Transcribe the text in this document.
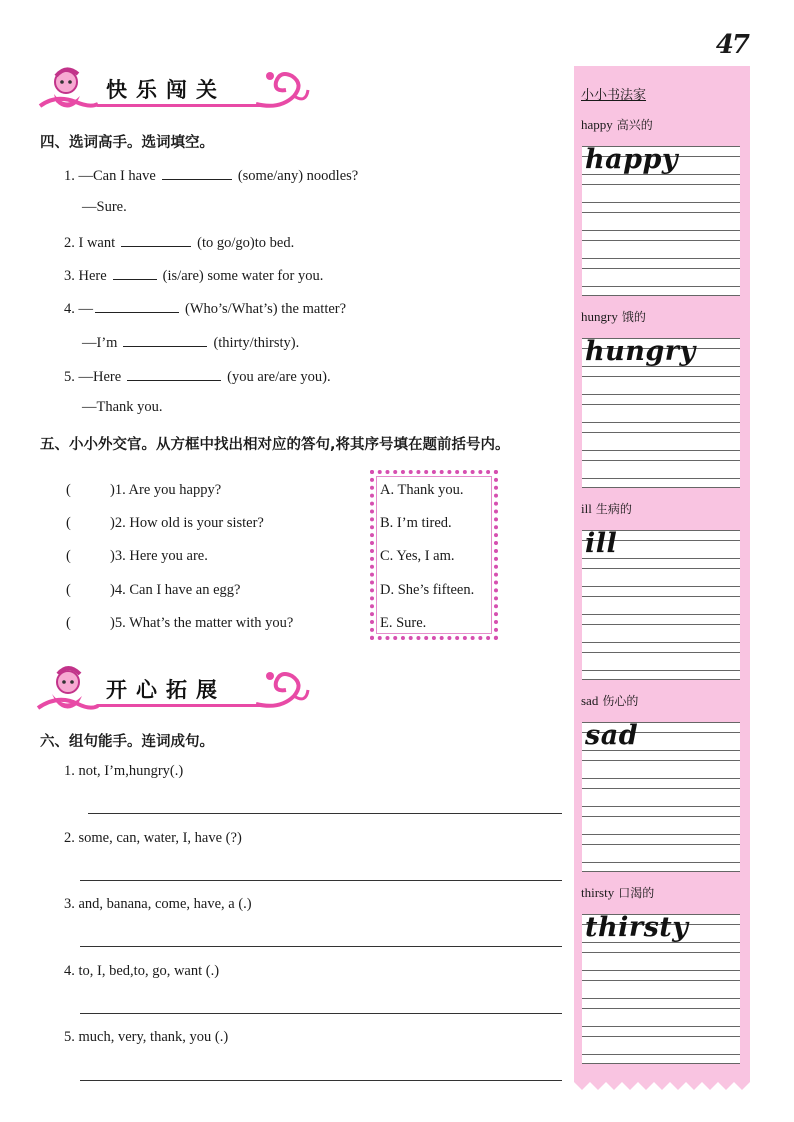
47
快乐闯关
四、选词高手。选词填空。
1. —Can I have	(some/any) noodles?
—Sure.
2. I want	(to go/go)to bed.
3. Here	(is/are) some water for you.
4. —	(Who’s/What’s) the matter?
—I’m	(thirty/thirsty).
5. —Here	(you are/are you).
—Thank you.
五、小小外交官。从方框中找出相对应的答句,将其序号填在题前括号内。
(	)1. Are you happy?
(	)2. How old is your sister?
(	)3. Here you are.
(	)4. Can I have an egg?
(	)5. What’s the matter with you?
A. Thank you.
B. I’m tired.
C. Yes, I am.
D. She’s fifteen.
E. Sure.
开心拓展
六、组句能手。连词成句。
1. not, I’m,hungry(.)
2. some, can, water, I, have (?)
3. and, banana, come, have, a (.)
4. to, I, bed,to, go, want (.)
5. much, very, thank, you (.)
小小书法家
happy 高兴的
happy
hungry 饿的
hungry
ill 生病的
ill
sad 伤心的
sad
thirsty 口渴的
thirsty
